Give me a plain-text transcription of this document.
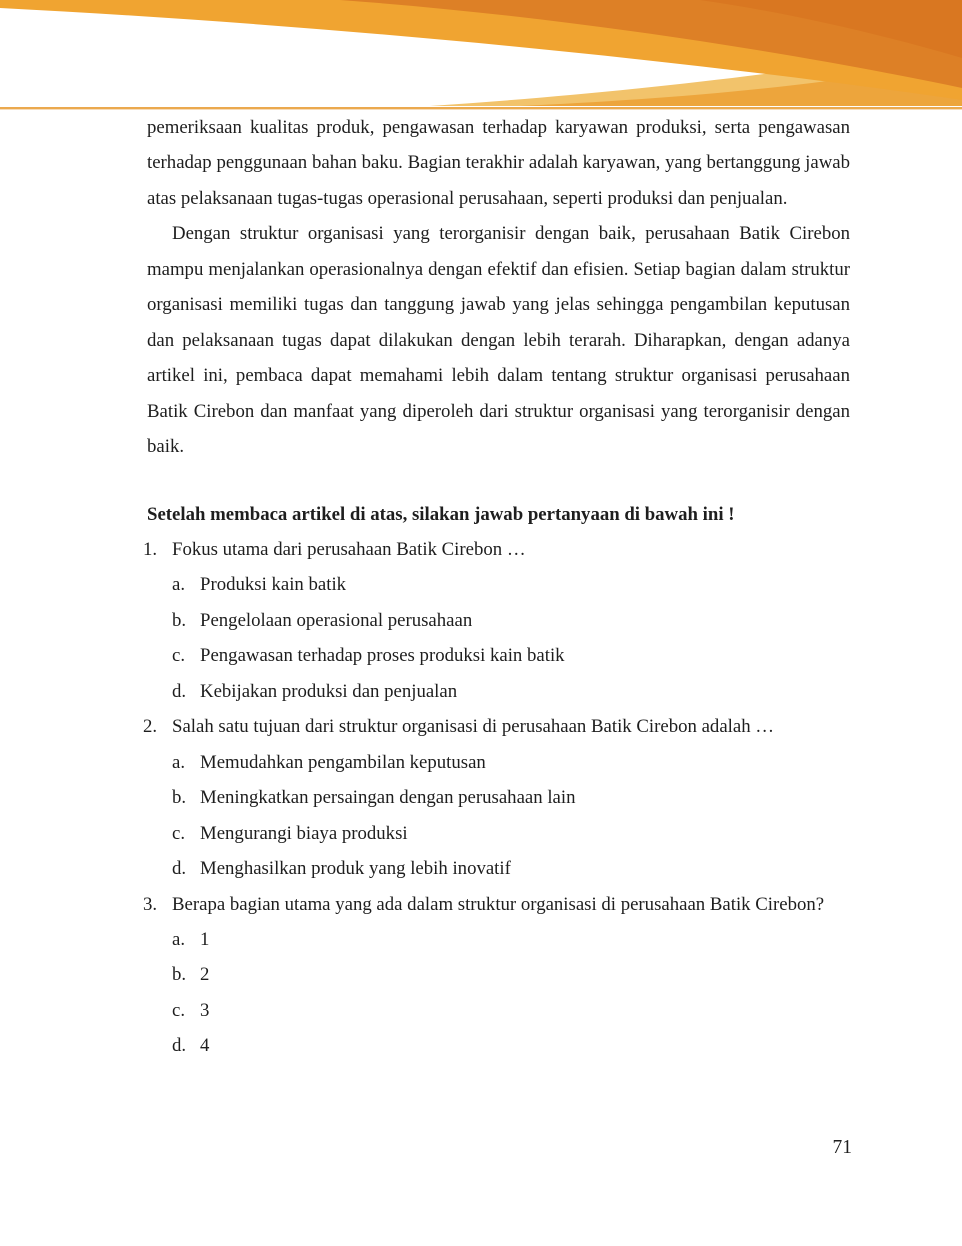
pemeriksaan kualitas produk, pengawasan terhadap karyawan produksi, serta pengawasan terhadap penggunaan bahan baku. Bagian terakhir adalah karyawan, yang bertanggung jawab atas pelaksanaan tugas-tugas operasional perusahaan, seperti produksi dan penjualan.

Dengan struktur organisasi yang terorganisir dengan baik, perusahaan Batik Cirebon mampu menjalankan operasionalnya dengan efektif dan efisien. Setiap bagian dalam struktur organisasi memiliki tugas dan tanggung jawab yang jelas sehingga pengambilan keputusan dan pelaksanaan tugas dapat dilakukan dengan lebih terarah. Diharapkan, dengan adanya artikel ini, pembaca dapat memahami lebih dalam tentang struktur organisasi perusahaan Batik Cirebon dan manfaat yang diperoleh dari struktur organisasi yang terorganisir dengan baik.

Setelah membaca artikel di atas, silakan jawab pertanyaan di bawah ini !

1. Fokus utama dari perusahaan Batik Cirebon …
a. Produksi kain batik
b. Pengelolaan operasional perusahaan
c. Pengawasan terhadap proses produksi kain batik
d. Kebijakan produksi dan penjualan
2. Salah satu tujuan dari struktur organisasi di perusahaan Batik Cirebon adalah …
a. Memudahkan pengambilan keputusan
b. Meningkatkan persaingan dengan perusahaan lain
c. Mengurangi biaya produksi
d. Menghasilkan produk yang lebih inovatif
3. Berapa bagian utama yang ada dalam struktur organisasi di perusahaan Batik Cirebon?
a. 1
b. 2
c. 3
d. 4
71
